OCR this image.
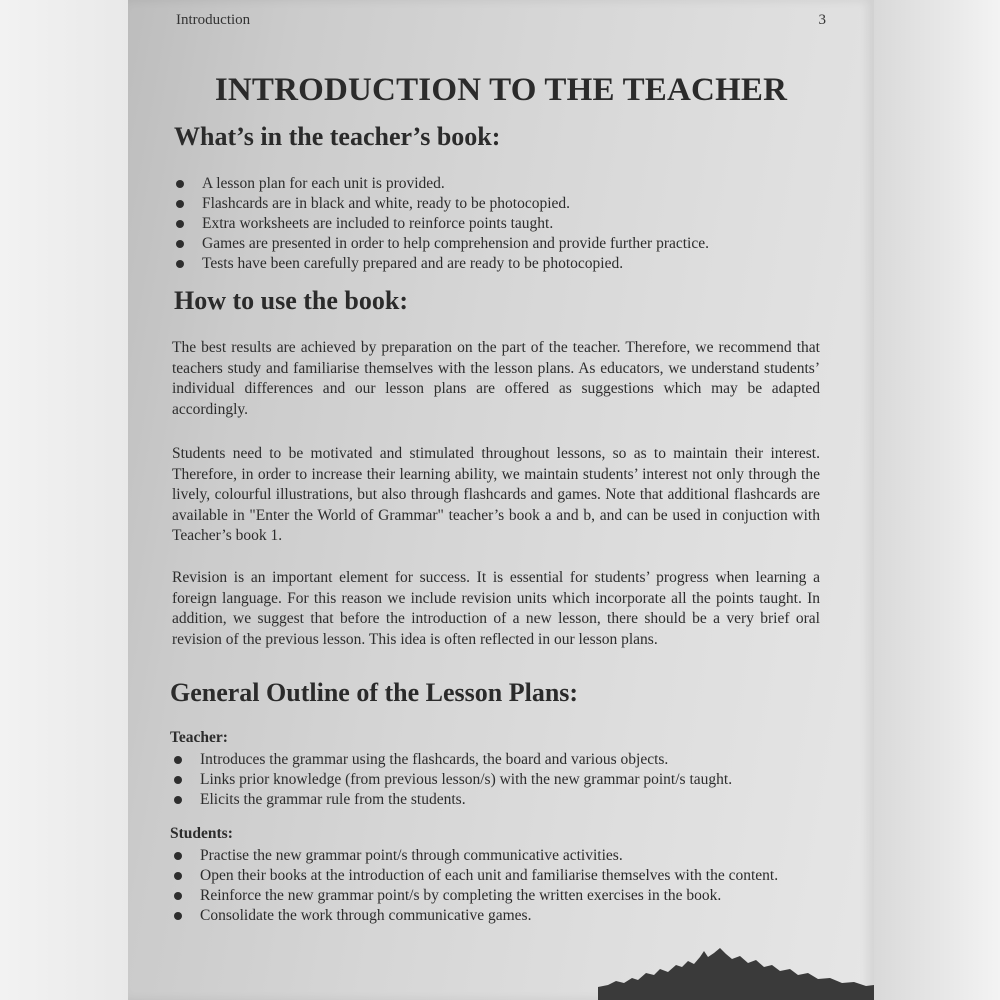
Introduction	3
INTRODUCTION TO THE TEACHER
What’s in the teacher’s book:
A lesson plan for each unit is provided.
Flashcards are in black and white, ready to be photocopied.
Extra worksheets are included to reinforce points taught.
Games are presented in order to help comprehension and provide further practice.
Tests have been carefully prepared and are ready to be photocopied.
How to use the book:

The best results are achieved by preparation on the part of the teacher. Therefore, we recommend that teachers study and familiarise themselves with the lesson plans. As educators, we understand students’ individual differences and our lesson plans are offered as suggestions which may be adapted accordingly.

Students need to be motivated and stimulated throughout lessons, so as to maintain their interest. Therefore, in order to increase their learning ability, we maintain students’ interest not only through the lively, colourful illustrations, but also through flashcards and games. Note that additional flashcards are available in "Enter the World of Grammar" teacher’s book a and b, and can be used in conjuction with Teacher’s book 1.

Revision is an important element for success. It is essential for students’ progress when learning a foreign language. For this reason we include revision units which incorporate all the points taught. In addition, we suggest that before the introduction of a new lesson, there should be a very brief oral revision of the previous lesson. This idea is often reflected in our lesson plans.

General Outline of the Lesson Plans:
Teacher:
Introduces the grammar using the flashcards, the board and various objects.
Links prior knowledge (from previous lesson/s) with the new grammar point/s taught.
Elicits the grammar rule from the students.
Students:
Practise the new grammar point/s through communicative activities.
Open their books at the introduction of each unit and familiarise themselves with the content.
Reinforce the new grammar point/s by completing the written exercises in the book.
Consolidate the work through communicative games.
